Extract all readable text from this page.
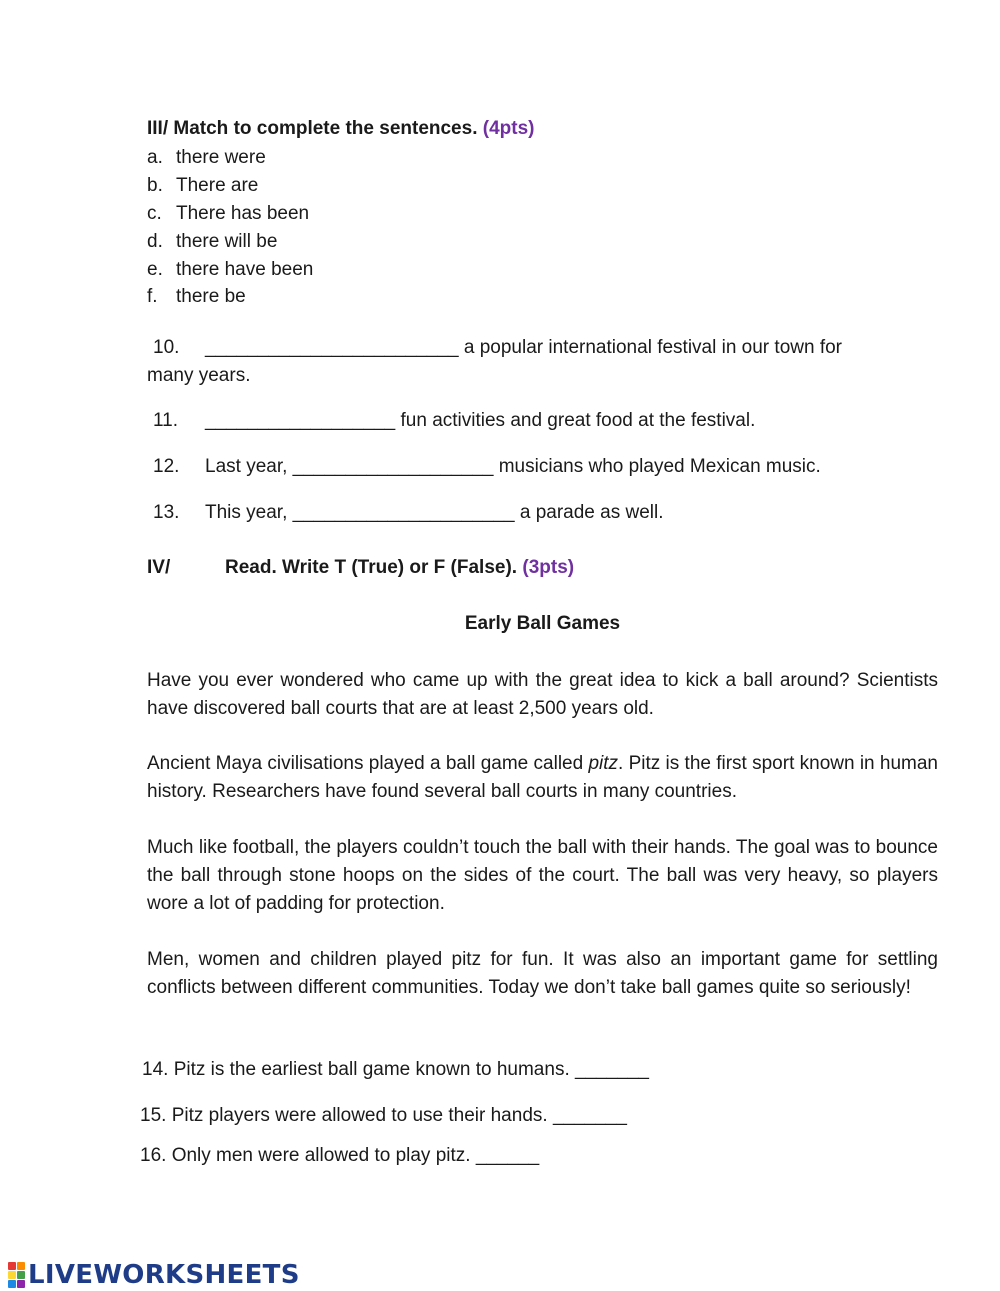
III/ Match to complete the sentences. (4pts)
a. there were
b. There are
c. There has been
d. there will be
e. there have been
f. there be
10. ________________________ a popular international festival in our town for
many years.
11. __________________ fun activities and great food at the festival.
12. Last year, ___________________ musicians who played Mexican music.
13. This year, _____________________ a parade as well.
IV/	Read. Write T (True) or F (False). (3pts)
Early Ball Games
Have you ever wondered who came up with the great idea to kick a ball around? Scientists have discovered ball courts that are at least 2,500 years old.
Ancient Maya civilisations played a ball game called pitz. Pitz is the first sport known in human history. Researchers have found several ball courts in many countries.
Much like football, the players couldn’t touch the ball with their hands. The goal was to bounce the ball through stone hoops on the sides of the court. The ball was very heavy, so players wore a lot of padding for protection.
Men, women and children played pitz for fun. It was also an important game for settling conflicts between different communities. Today we don’t take ball games quite so seriously!
14. Pitz is the earliest ball game known to humans. _______
15. Pitz players were allowed to use their hands. _______
16. Only men were allowed to play pitz. ______
LIVEWORKSHEETS
